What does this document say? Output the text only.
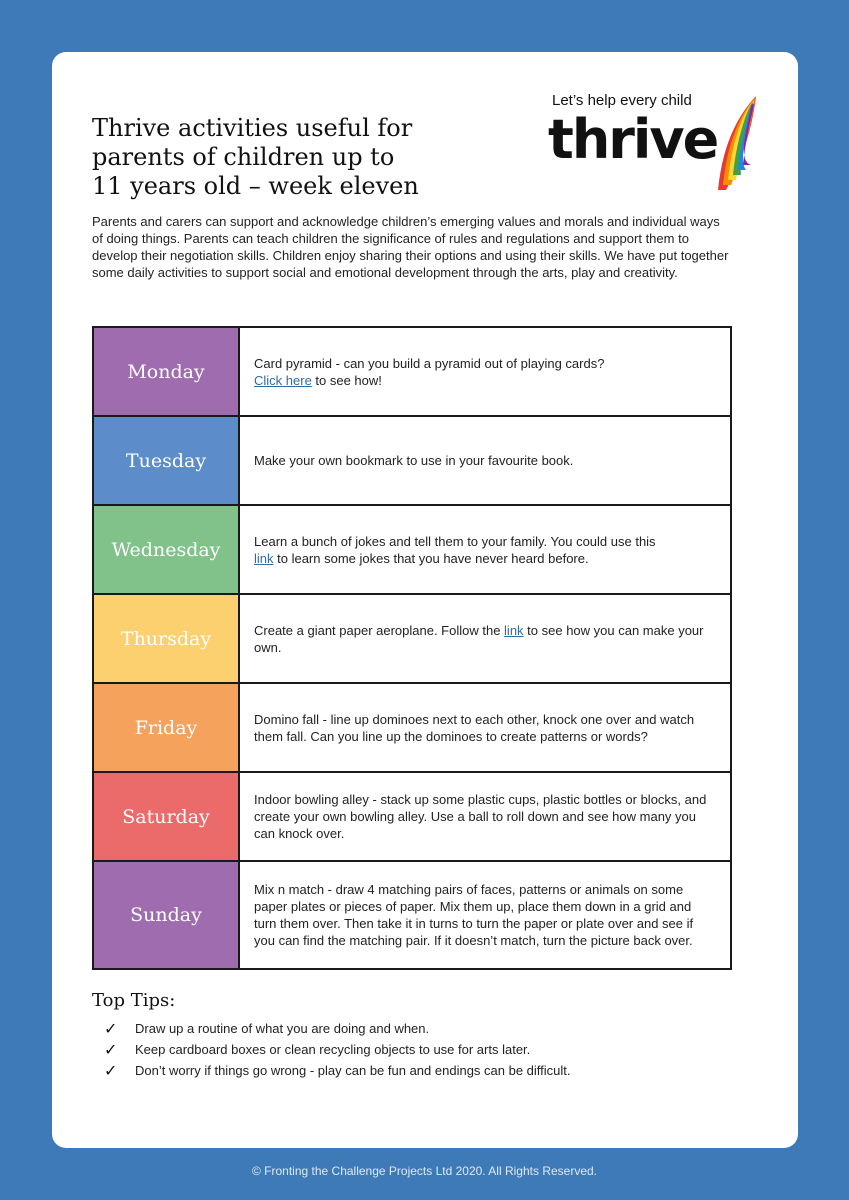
Thrive activities useful for
parents of children up to
11 years old – week eleven
Let’s help every child
thrive

Parents and carers can support and acknowledge children’s emerging values and morals and individual ways of doing things. Parents can teach children the significance of rules and regulations and support them to develop their negotiation skills. Children enjoy sharing their options and using their skills. We have put together some daily activities to support social and emotional development through the arts, play and creativity.

Monday	Card pyramid - can you build a pyramid out of playing cards?
Click here to see how!
Tuesday	Make your own bookmark to use in your favourite book.
Wednesday	Learn a bunch of jokes and tell them to your family. You could use this
link to learn some jokes that you have never heard before.
Thursday	Create a giant paper aeroplane. Follow the link to see how you can make your own.
Friday	Domino fall - line up dominoes next to each other, knock one over and watch them fall. Can you line up the dominoes to create patterns or words?
Saturday	Indoor bowling alley - stack up some plastic cups, plastic bottles or blocks, and create your own bowling alley. Use a ball to roll down and see how many you can knock over.
Sunday	Mix n match - draw 4 matching pairs of faces, patterns or animals on some paper plates or pieces of paper. Mix them up, place them down in a grid and turn them over. Then take it in turns to turn the paper or plate over and see if you can find the matching pair. If it doesn’t match, turn the picture back over.
Top Tips:
✓	Draw up a routine of what you are doing and when.
✓	Keep cardboard boxes or clean recycling objects to use for arts later.
✓	Don’t worry if things go wrong - play can be fun and endings can be difficult.
© Fronting the Challenge Projects Ltd 2020. All Rights Reserved.
